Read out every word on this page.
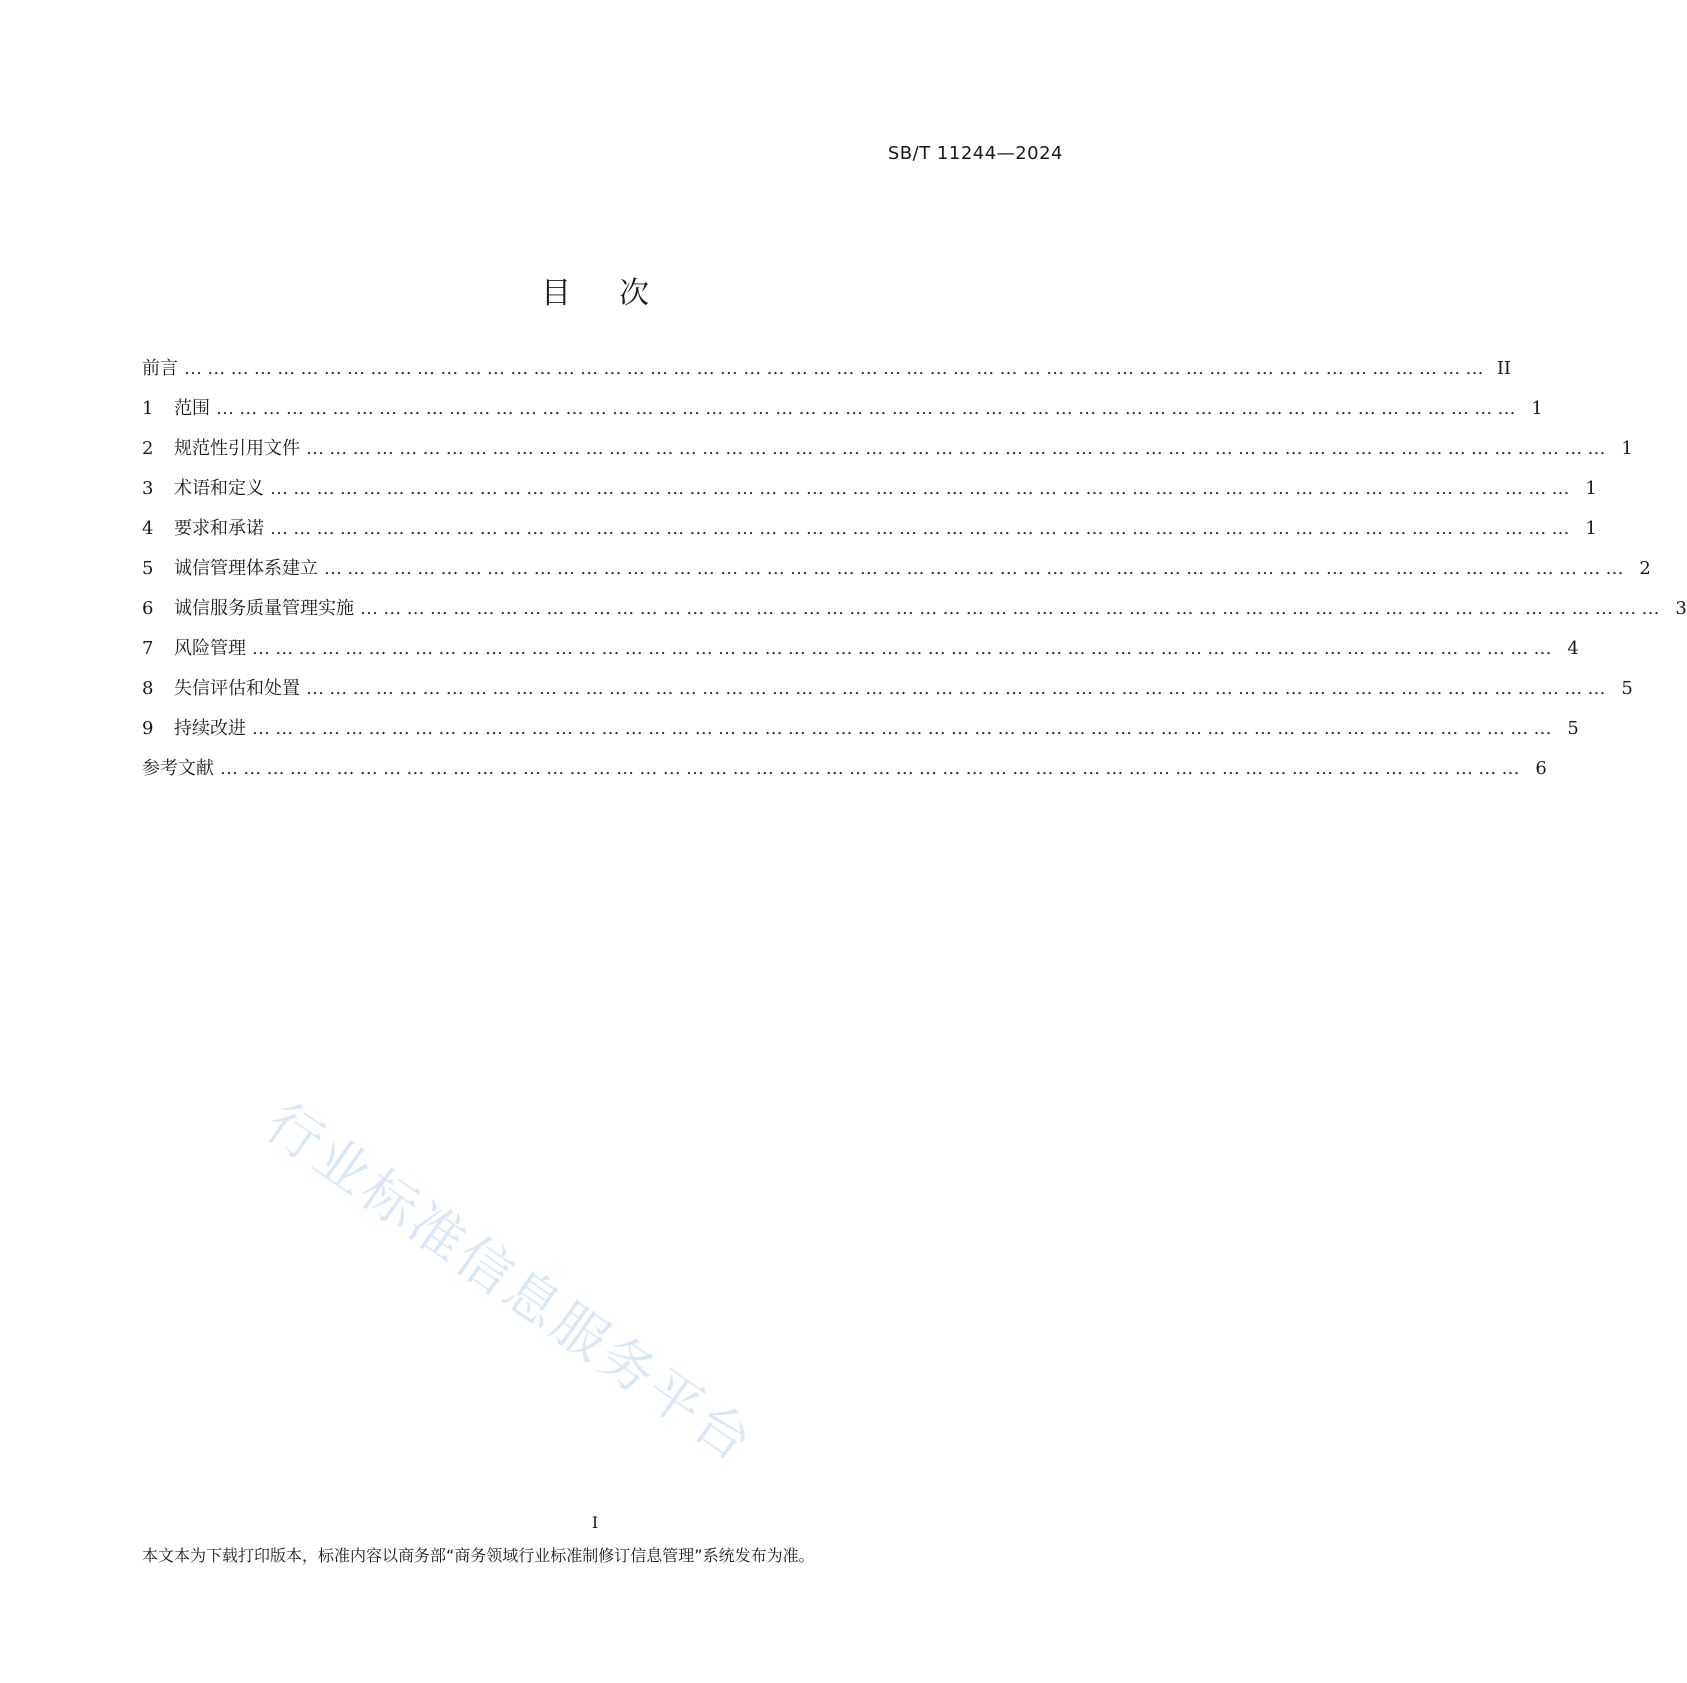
SB/T 11244—2024
目次
前言 …………………………………………………………………………………………………………………………………………………… II
1	范围 …………………………………………………………………………………………………………………………………………………… 1
2	规范性引用文件 …………………………………………………………………………………………………………………………………………………… 1
3	术语和定义 …………………………………………………………………………………………………………………………………………………… 1
4	要求和承诺 …………………………………………………………………………………………………………………………………………………… 1
5	诚信管理体系建立 …………………………………………………………………………………………………………………………………………………… 2
6	诚信服务质量管理实施 …………………………………………………………………………………………………………………………………………………… 3
7	风险管理 …………………………………………………………………………………………………………………………………………………… 4
8	失信评估和处置 …………………………………………………………………………………………………………………………………………………… 5
9	持续改进 …………………………………………………………………………………………………………………………………………………… 5
参考文献 …………………………………………………………………………………………………………………………………………………… 6
行业标准信息服务平台
I
本文本为下载打印版本，标准内容以商务部“商务领域行业标准制修订信息管理”系统发布为准。
